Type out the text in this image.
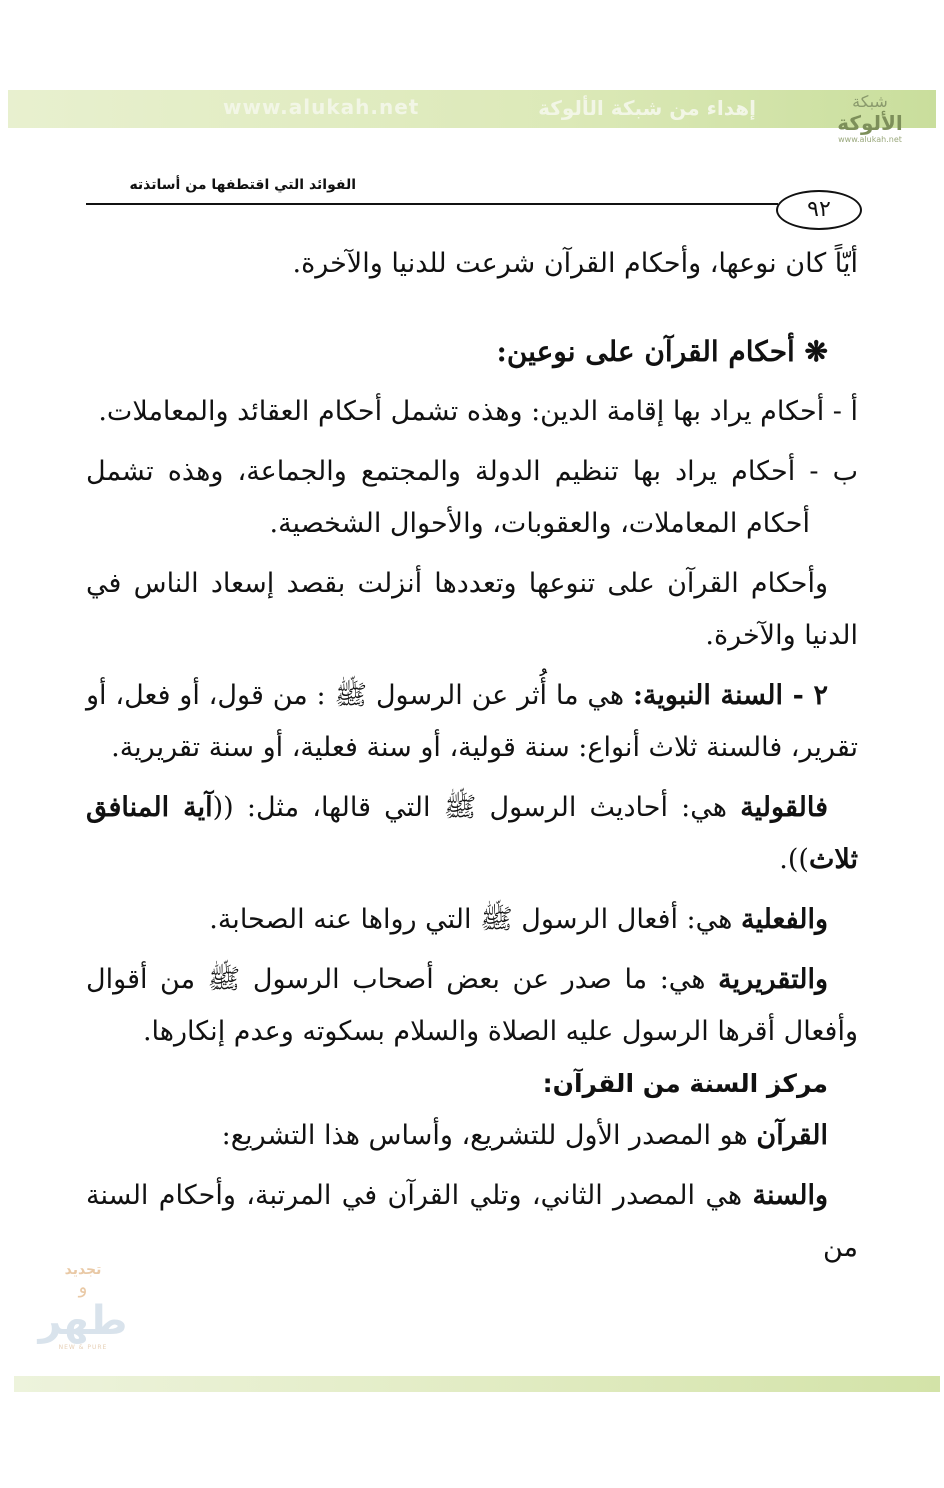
شبكة
الألوكة
www.alukah.net
إهداء من شبكة الألوكة
www.alukah.net
الفوائد التي اقتطفها من أساتذته
٩٢

أيّاً كان نوعها، وأحكام القرآن شرعت للدنيا والآخرة.

❋ أحكام القرآن على نوعين:

أ - أحكام يراد بها إقامة الدين: وهذه تشمل أحكام العقائد والمعاملات.

ب - أحكام يراد بها تنظيم الدولة والمجتمع والجماعة، وهذه تشمل أحكام المعاملات، والعقوبات، والأحوال الشخصية.

وأحكام القرآن على تنوعها وتعددها أنزلت بقصد إسعاد الناس في الدنيا والآخرة.

٢ - السنة النبوية: هي ما أُثر عن الرسول ﷺ : من قول، أو فعل، أو تقرير، فالسنة ثلاث أنواع: سنة قولية، أو سنة فعلية، أو سنة تقريرية.

فالقولية هي: أحاديث الرسول ﷺ التي قالها، مثل: ((آية المنافق ثلاث)).

والفعلية هي: أفعال الرسول ﷺ التي رواها عنه الصحابة.

والتقريرية هي: ما صدر عن بعض أصحاب الرسول ﷺ من أقوال وأفعال أقرها الرسول عليه الصلاة والسلام بسكوته وعدم إنكارها.

مركز السنة من القرآن:

القرآن هو المصدر الأول للتشريع، وأساس هذا التشريع:

والسنة هي المصدر الثاني، وتلي القرآن في المرتبة، وأحكام السنة من

تجديد
و
طهر
NEW & PURE
